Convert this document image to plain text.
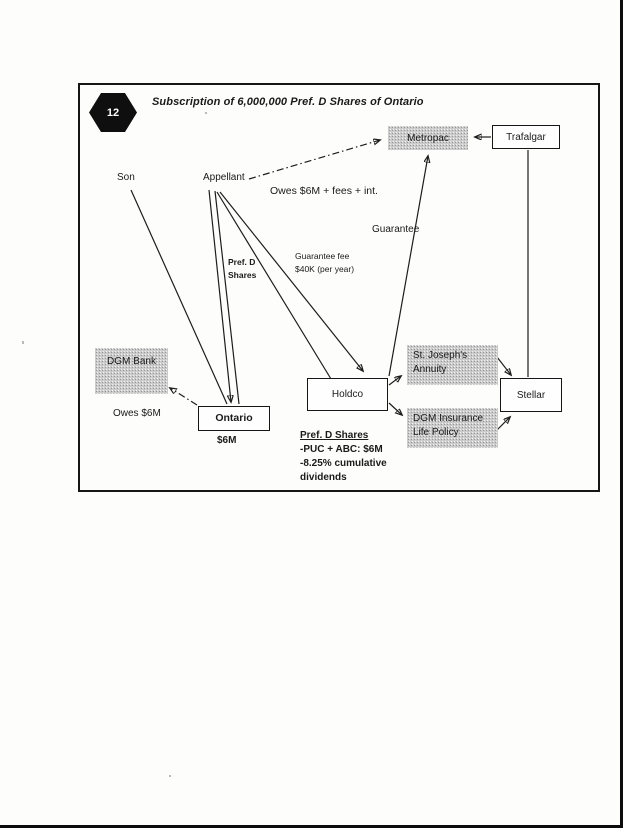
12
Subscription of 6,000,000 Pref. D Shares of Ontario
Metropac	Trafalgar
DGM Bank
Ontario
Holdco
St. Joseph's
Annuity
DGM Insurance
Life Policy
Stellar
Son	Appellant
Owes $6M + fees + int.
Guarantee
Pref. D
Shares
Guarantee fee
$40K (per year)
Owes $6M
$6M	Pref. D Shares
-PUC + ABC: $6M
-8.25% cumulative
dividends
